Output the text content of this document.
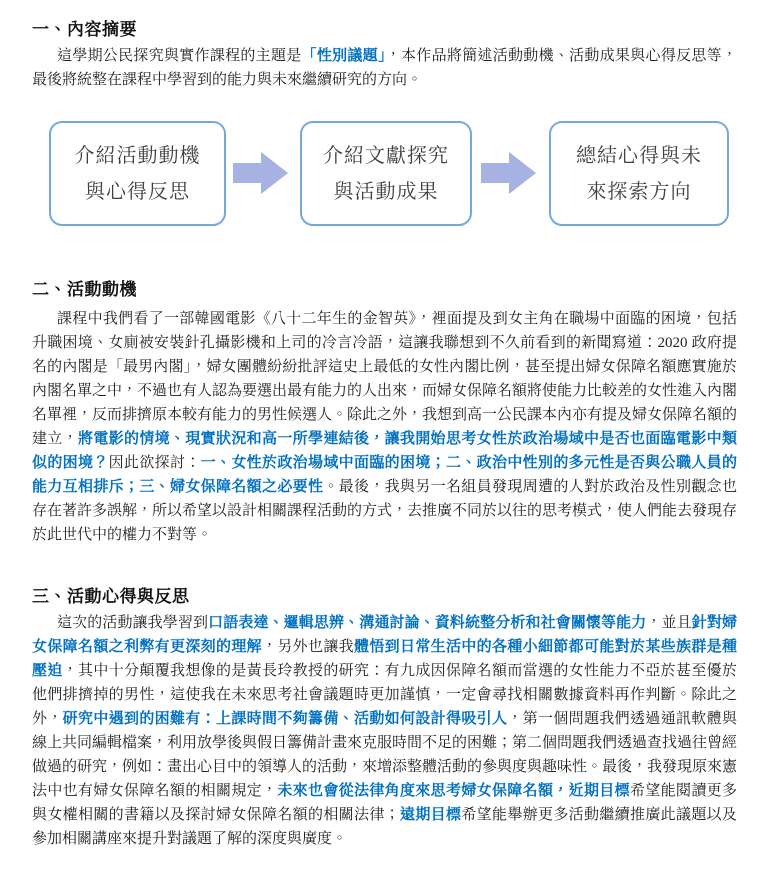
一、內容摘要

這學期公民探究與實作課程的主題是「性別議題」，本作品將簡述活動動機、活動成果與心得反思等，最後將統整在課程中學習到的能力與未來繼續研究的方向。

介紹活動動機
與心得反思
介紹文獻探究
與活動成果
總結心得與未
來探索方向
二、活動動機

課程中我們看了一部韓國電影《八十二年生的金智英》，裡面提及到女主角在職場中面臨的困境，包括升職困境、女廁被安裝針孔攝影機和上司的冷言冷語，這讓我聯想到不久前看到的新聞寫道：2020 政府提名的內閣是「最男內閣」，婦女團體紛紛批評這史上最低的女性內閣比例，甚至提出婦女保障名額應實施於內閣名單之中，不過也有人認為要選出最有能力的人出來，而婦女保障名額將使能力比較差的女性進入內閣名單裡，反而排擠原本較有能力的男性候選人。除此之外，我想到高一公民課本內亦有提及婦女保障名額的建立，將電影的情境、現實狀況和高一所學連結後，讓我開始思考女性於政治場域中是否也面臨電影中類似的困境？因此欲探討：一、女性於政治場域中面臨的困境；二、政治中性別的多元性是否與公職人員的能力互相排斥；三、婦女保障名額之必要性。最後，我與另一名組員發現周遭的人對於政治及性別觀念也存在著許多誤解，所以希望以設計相關課程活動的方式，去推廣不同於以往的思考模式，使人們能去發現存於此世代中的權力不對等。

三、活動心得與反思

這次的活動讓我學習到口語表達、邏輯思辨、溝通討論、資料統整分析和社會關懷等能力，並且針對婦女保障名額之利弊有更深刻的理解，另外也讓我體悟到日常生活中的各種小細節都可能對於某些族群是種壓迫，其中十分顛覆我想像的是黃長玲教授的研究：有九成因保障名額而當選的女性能力不亞於甚至優於他們排擠掉的男性，這使我在未來思考社會議題時更加謹慎，一定會尋找相關數據資料再作判斷。除此之外，研究中遇到的困難有：上課時間不夠籌備、活動如何設計得吸引人，第一個問題我們透過通訊軟體與線上共同編輯檔案，利用放學後與假日籌備計畫來克服時間不足的困難；第二個問題我們透過查找過往曾經做過的研究，例如：畫出心目中的領導人的活動，來增添整體活動的參與度與趣味性。最後，我發現原來憲法中也有婦女保障名額的相關規定，未來也會從法律角度來思考婦女保障名額，近期目標希望能閱讀更多與女權相關的書籍以及探討婦女保障名額的相關法律；遠期目標希望能舉辦更多活動繼續推廣此議題以及參加相關講座來提升對議題了解的深度與廣度。
